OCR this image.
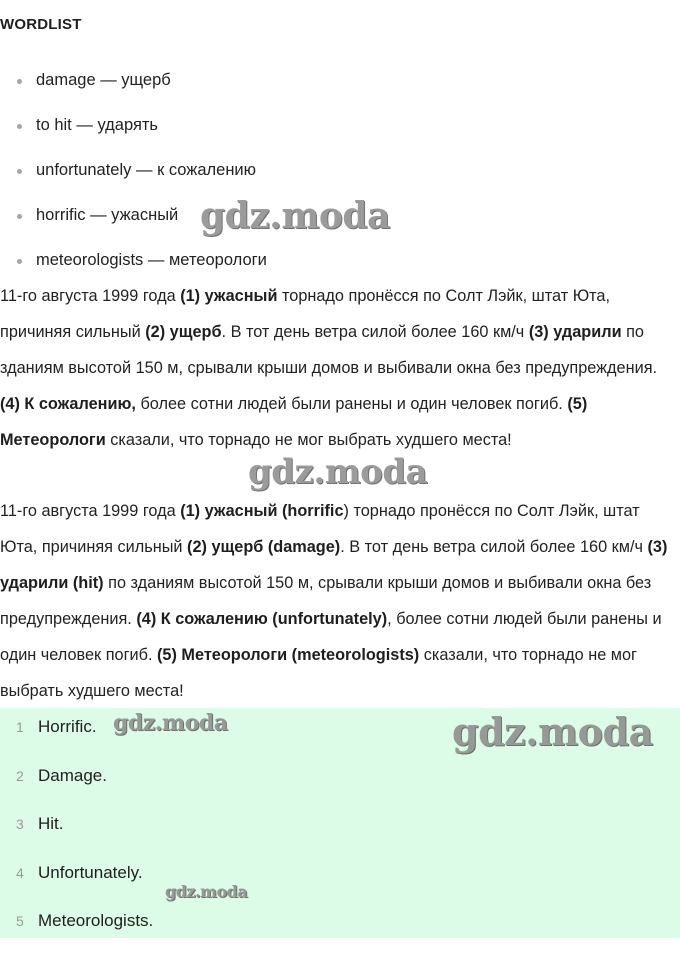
WORDLIST
damage — ущерб
to hit — ударять
unfortunately — к сожалению
horrific — ужасный
meteorologists — метеорологи

11-го августа 1999 года (1) ужасный торнадо пронёсся по Солт Лэйк, штат Юта, причиняя сильный (2) ущерб. В тот день ветра силой более 160 км/ч (3) ударили по зданиям высотой 150 м, срывали крыши домов и выбивали окна без предупреждения. (4) К сожалению, более сотни людей были ранены и один человек погиб. (5) Метеорологи сказали, что торнадо не мог выбрать худшего места!

11-го августа 1999 года (1) ужасный (horrific) торнадо пронёсся по Солт Лэйк, штат Юта, причиняя сильный (2) ущерб (damage). В тот день ветра силой более 160 км/ч (3) ударили (hit) по зданиям высотой 150 м, срывали крыши домов и выбивали окна без предупреждения. (4) К сожалению (unfortunately), более сотни людей были ранены и один человек погиб. (5) Метеорологи (meteorologists) сказали, что торнадо не мог выбрать худшего места!

1 Horrific.
2 Damage.
3 Hit.
4 Unfortunately.
5 Meteorologists.
gdz.moda
gdz.moda
gdz.moda
gdz.moda
gdz.moda
